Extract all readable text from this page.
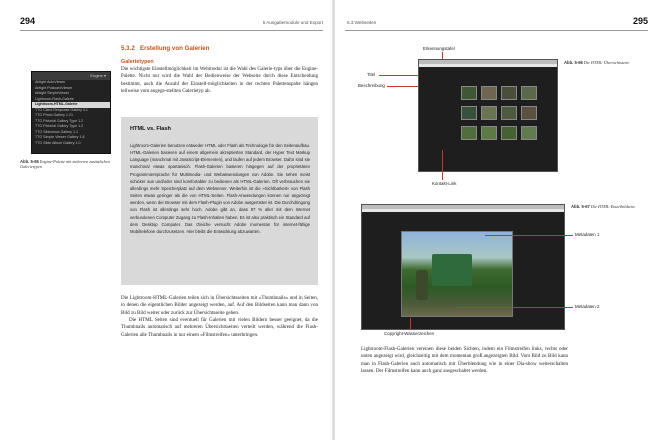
294	5 Ausgabemodule und Export
5.3.2 Erstellung von Galerien
Galerietypen

Die wichtigste Einstellmöglichkeit im Webmodul ist die Wahl des Galerie-typs über die Engine-Palette. Nicht nur wird die Wahl der Bedienweise der Webseite durch diese Entscheidung bestimmt, auch die Anzahl der Einstell-möglichkeiten in der rechten Palettenspalte hängen teilweise vom angege-stellten Galerietyp ab.

Engine ▾
Airtight AutoViewer
Airtight PostcardViewer
Airtight SimpleViewer
Lightroom-Flash-Galerie
Lightroom-HTML-Galerie
TTG Client Response Gallery 3.1
TTG Photo Gallery 1.21
TTG Pictorial Gallery Type 1.2
TTG Pictorial Gallery Type 1.2
TTG Slideshow Gallery 1.1
TTG Simple Viewer Gallery 1.8
TTG Slide Album Gallery 1.0
Abb. 5-65 Engine-Palette mit mehreren zusätzlichen Galerietypen
HTML vs. Flash
Lightroom-Galerien benutzen entweder HTML oder Flash als Technologie für den Seitenaufbau. HTML-Galerien basieren auf einem allgemein akzeptierten Standard, der Hyper Text Markup Language (manchmal mit JavaScript-Elementen), und laufen auf jedem Browser. Dafür sind sie manchmal etwas spartanisch. Flash-Galerien basieren hingegen auf der proprietären Programmiersprache für Multimedia- und Webanwendungen von Adobe. Sie sehen meist schicker aus und/oder sind komfortabler zu bedienen als HTML-Galerien. Oft verbrauchen sie allerdings mehr Speicherplatz auf dem Webserver. Weiterhin ist die »Sichtbarkeit« von Flash Seiten etwas geringer als die von HTML-Seiten. Flash-Anwendungen können nur angezeigt werden, wenn der Browser mit dem Flash-Plugin von Adobe ausgerüstet ist. Die Durchdringung von Flash ist allerdings sehr hoch. Adobe gibt an, dass 97 % aller mit dem Internet verbundenen Computer Zugang zu Flash-Inhalten haben. Es ist also praktisch ein Standard auf dem Desktop Computer. Das Gleiche versucht Adobe momentan für internet-fähige Mobiltelefone durchzusetzen. Hier bleibt die Entwicklung abzuwarten.

Die Lightroom-HTML-Galerien teilen sich in Übersichtsseiten mit »Thumbnails« und in Seiten, in denen die eigentlichen Bilder angezeigt werden, auf. Auf den Bildseiten kann man dann von Bild zu Bild weiter oder zurück zur Übersichtsseite gehen.

Die HTML Seiten sind eventuell für Galerien mit vielen Bildern besser geeignet, da die Thumbnails automatisch auf mehreren Übersichtsseiten verteilt werden, während die Flash-Galerien alle Thumbnails in nur einem »Filmstreifen« unterbringen.

5.3 Webseiten	295
Erkennungstafel
Titel
Beschreibung
Kontakt-Link
Abb. 5-66 Die HTML-Übersichtsseite
Metadaten 1
Metadaten 2
Copyright-Wasserzeichen
Abb. 5-67 Die HTML-Einzelbildseite

Lightroom-Flash-Galerien vereinen diese beiden Sichten, indem ein Filmstreifen links, rechts oder unten angezeigt wird, gleichzeitig mit dem momentan groß angezeigten Bild. Vom Bild zu Bild kann man in Flash-Galerien auch automatisch mit Überblendung wie in einer Dia-show weiterschalten lassen. Der Filmstreifen kann auch ganz ausgeschaltet werden.
